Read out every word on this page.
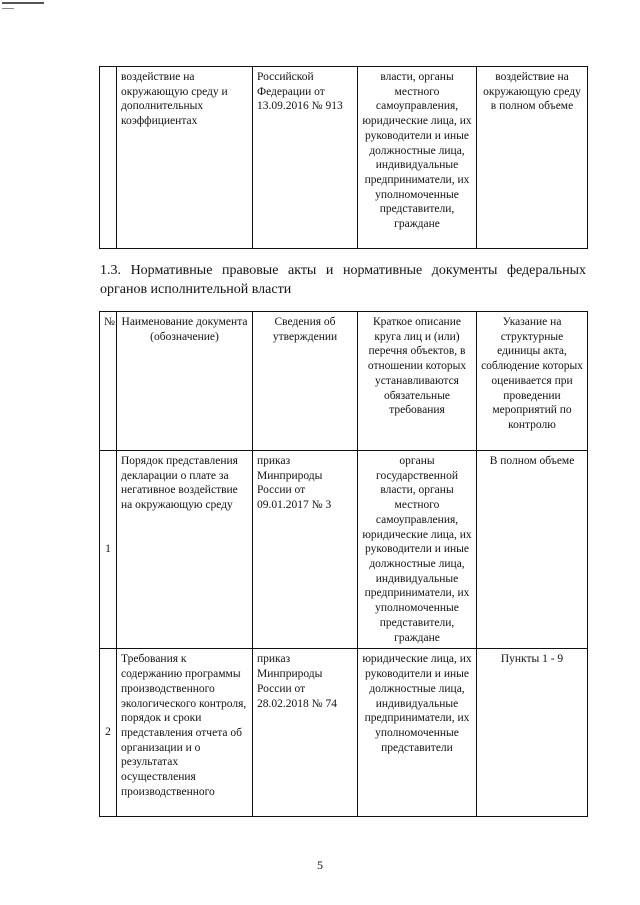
	воздействие на окружающую среду и дополнительных коэффициентах	Российской Федерации от 13.09.2016 № 913	власти, органы местного самоуправления, юридические лица, их руководители и иные должностные лица, индивидуальные предприниматели, их уполномоченные представители, граждане	воздействие на окружающую среду в полном объеме

1.3. Нормативные правовые акты и нормативные документы федеральных органов исполнительной власти

№	Наименование документа (обозначение)	Сведения об утверждении	Краткое описание круга лиц и (или) перечня объектов, в отношении которых устанавливаются обязательные требования	Указание на структурные единицы акта, соблюдение которых оценивается при проведении мероприятий по контролю
1	Порядок представления декларации о плате за негативное воздействие на окружающую среду	приказ Минприроды России от 09.01.2017 № 3	органы государственной власти, органы местного самоуправления, юридические лица, их руководители и иные должностные лица, индивидуальные предприниматели, их уполномоченные представители, граждане	В полном объеме
2	Требования к содержанию программы производственного экологического контроля, порядок и сроки представления отчета об организации и о результатах осуществления производственного	приказ Минприроды России от 28.02.2018 № 74	юридические лица, их руководители и иные должностные лица, индивидуальные предприниматели, их уполномоченные представители	Пункты 1 - 9
5
